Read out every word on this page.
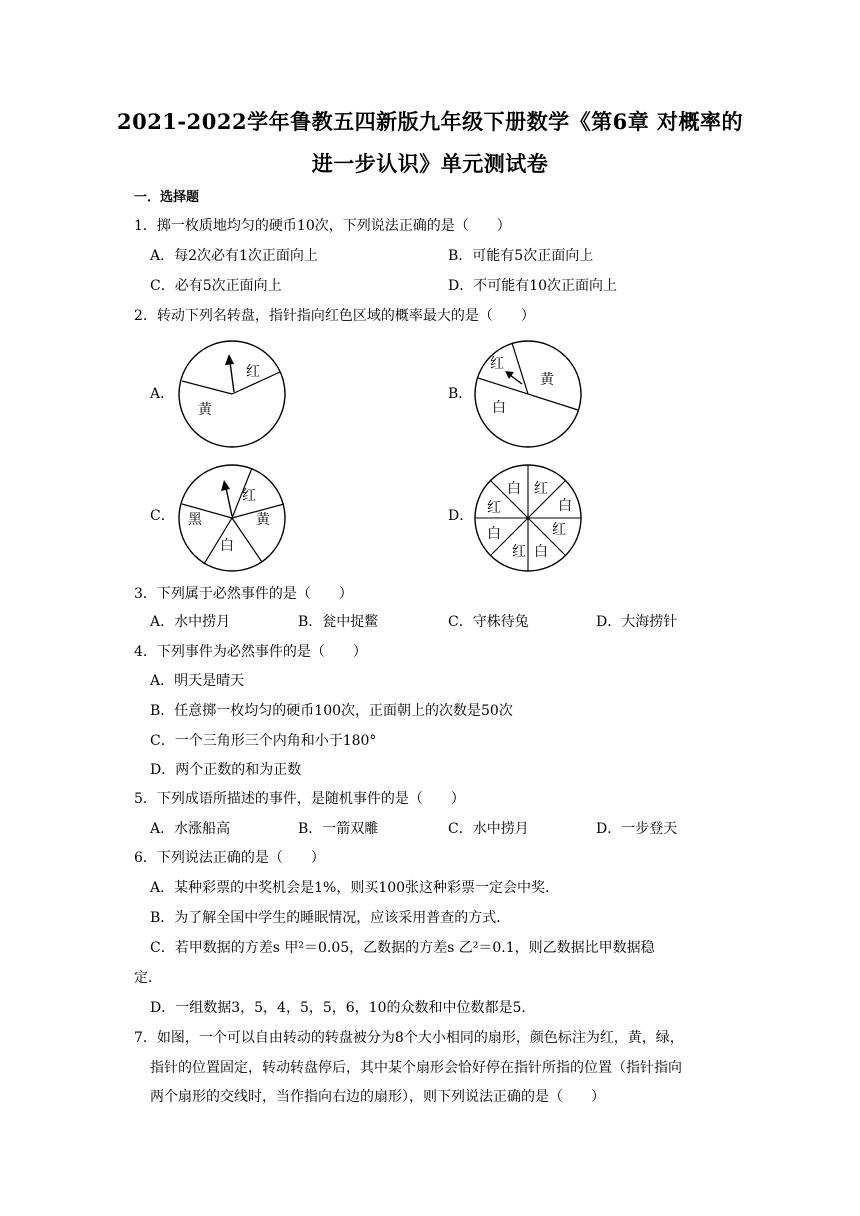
2021-2022学年鲁教五四新版九年级下册数学《第6章 对概率的
进一步认识》单元测试卷
一．选择题
1．掷一枚质地均匀的硬币10次，下列说法正确的是（　　）
A．每2次必有1次正面向上	B．可能有5次正面向上
C．必有5次正面向上	D．不可能有10次正面向上
2．转动下列名转盘，指针指向红色区域的概率最大的是（　　）
A．	B．
C．	D．
红
黄
红
黄
白
红
黄
白
黑
白 红
白
红
白
红
白
红
3．下列属于必然事件的是（　　）
A．水中捞月	B．瓮中捉鳖	C．守株待兔	D．大海捞针
4．下列事件为必然事件的是（　　）
A．明天是晴天
B．任意掷一枚均匀的硬币100次，正面朝上的次数是50次
C．一个三角形三个内角和小于180°
D．两个正数的和为正数
5．下列成语所描述的事件，是随机事件的是（　　）
A．水涨船高	B．一箭双雕	C．水中捞月	D．一步登天
6．下列说法正确的是（　　）
A．某种彩票的中奖机会是1%，则买100张这种彩票一定会中奖．
B．为了解全国中学生的睡眠情况，应该采用普查的方式．
C．若甲数据的方差s 甲²＝0.05，乙数据的方差s 乙²＝0.1，则乙数据比甲数据稳
定．
D．一组数据3，5，4，5，5，6，10的众数和中位数都是5．
7．如图，一个可以自由转动的转盘被分为8个大小相同的扇形，颜色标注为红，黄，绿，
指针的位置固定，转动转盘停后，其中某个扇形会恰好停在指针所指的位置（指针指向
两个扇形的交线时，当作指向右边的扇形），则下列说法正确的是（　　）
